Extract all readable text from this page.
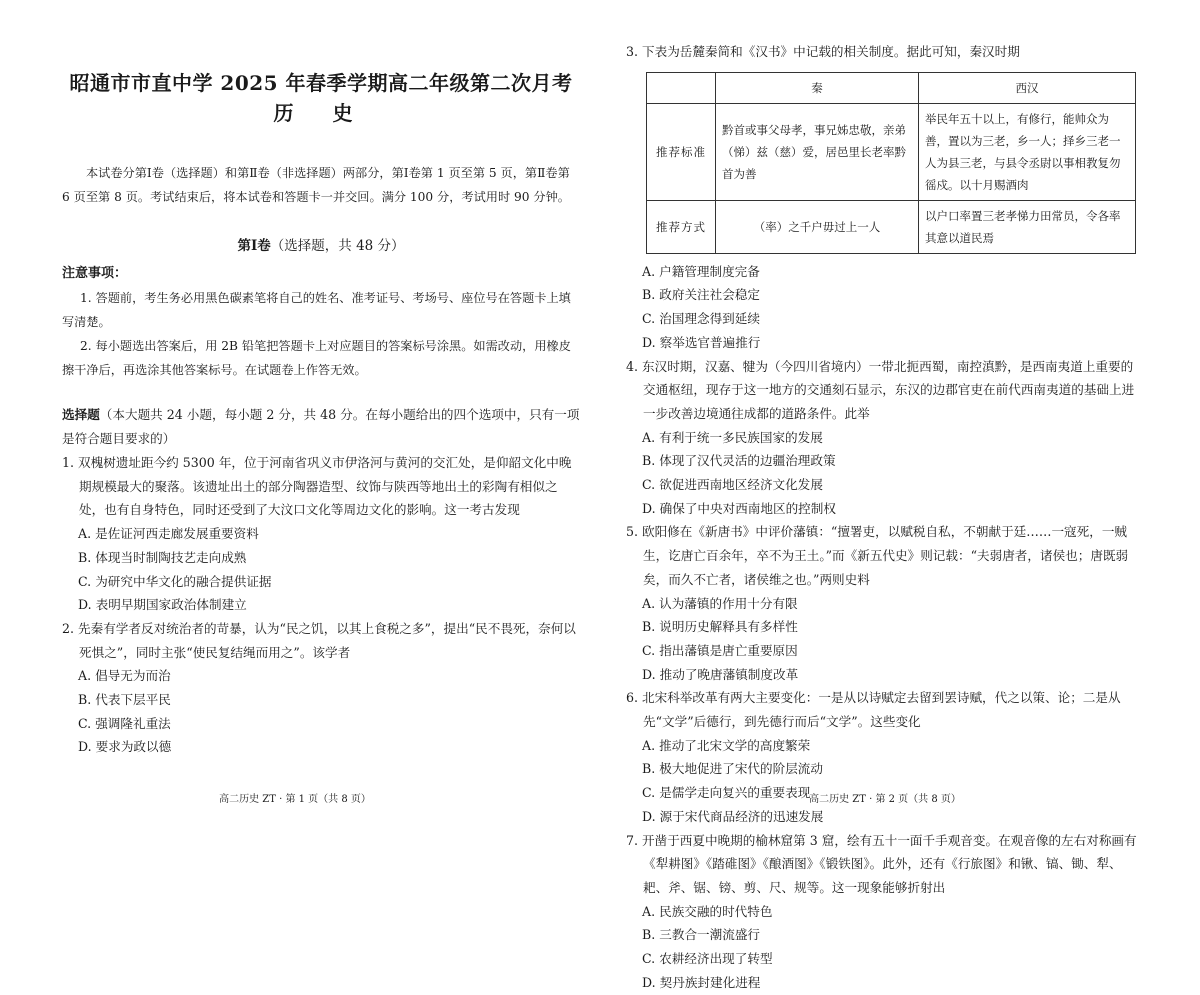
昭通市市直中学 2025 年春季学期高二年级第二次月考
历 史
本试卷分第Ⅰ卷（选择题）和第Ⅱ卷（非选择题）两部分，第Ⅰ卷第 1 页至第 5 页，第Ⅱ卷第 6 页至第 8 页。考试结束后，将本试卷和答题卡一并交回。满分 100 分，考试用时 90 分钟。
第Ⅰ卷（选择题，共 48 分）
注意事项：
1. 答题前，考生务必用黑色碳素笔将自己的姓名、准考证号、考场号、座位号在答题卡上填写清楚。
2. 每小题选出答案后，用 2B 铅笔把答题卡上对应题目的答案标号涂黑。如需改动，用橡皮擦干净后，再选涂其他答案标号。在试题卷上作答无效。
选择题（本大题共 24 小题，每小题 2 分，共 48 分。在每小题给出的四个选项中，只有一项是符合题目要求的）
1. 双槐树遗址距今约 5300 年，位于河南省巩义市伊洛河与黄河的交汇处，是仰韶文化中晚期规模最大的聚落。该遗址出土的部分陶器造型、纹饰与陕西等地出土的彩陶有相似之处，也有自身特色，同时还受到了大汶口文化等周边文化的影响。这一考古发现
A. 是佐证河西走廊发展重要资料
B. 体现当时制陶技艺走向成熟
C. 为研究中华文化的融合提供证据
D. 表明早期国家政治体制建立
2. 先秦有学者反对统治者的苛暴，认为“民之饥，以其上食税之多”，提出“民不畏死，奈何以死惧之”，同时主张“使民复结绳而用之”。该学者
A. 倡导无为而治
B. 代表下层平民
C. 强调隆礼重法
D. 要求为政以德
高二历史 ZT · 第 1 页（共 8 页）
3. 下表为岳麓秦简和《汉书》中记载的相关制度。据此可知，秦汉时期
	秦	西汉
推荐标准	黔首或事父母孝，事兄姊忠敬，亲弟（悌）兹（慈）爱，居邑里长老率黔首为善	举民年五十以上，有修行，能帅众为善，置以为三老，乡一人；择乡三老一人为县三老，与县令丞尉以事相教复勿徭戍。以十月赐酒肉
推荐方式	（率）之千户毋过上一人	以户口率置三老孝悌力田常员，令各率其意以道民焉
A. 户籍管理制度完备
B. 政府关注社会稳定
C. 治国理念得到延续
D. 察举选官普遍推行
4. 东汉时期，汉嘉、犍为（今四川省境内）一带北扼西蜀，南控滇黔，是西南夷道上重要的交通枢纽，现存于这一地方的交通刻石显示，东汉的边郡官吏在前代西南夷道的基础上进一步改善边境通往成都的道路条件。此举
A. 有利于统一多民族国家的发展
B. 体现了汉代灵活的边疆治理政策
C. 欲促进西南地区经济文化发展
D. 确保了中央对西南地区的控制权
5. 欧阳修在《新唐书》中评价藩镇：“擅署吏，以赋税自私，不朝献于廷……一寇死，一贼生，讫唐亡百余年，卒不为王土。”而《新五代史》则记载：“夫弱唐者，诸侯也；唐既弱矣，而久不亡者，诸侯维之也。”两则史料
A. 认为藩镇的作用十分有限
B. 说明历史解释具有多样性
C. 指出藩镇是唐亡重要原因
D. 推动了晚唐藩镇制度改革
6. 北宋科举改革有两大主要变化：一是从以诗赋定去留到罢诗赋，代之以策、论；二是从先“文学”后德行，到先德行而后“文学”。这些变化
A. 推动了北宋文学的高度繁荣
B. 极大地促进了宋代的阶层流动
C. 是儒学走向复兴的重要表现
D. 源于宋代商品经济的迅速发展
7. 开凿于西夏中晚期的榆林窟第 3 窟，绘有五十一面千手观音变。在观音像的左右对称画有《犁耕图》《踏碓图》《酿酒图》《锻铁图》。此外，还有《行旅图》和锹、镐、锄、犁、耙、斧、锯、镑、剪、尺、规等。这一现象能够折射出
A. 民族交融的时代特色
B. 三教合一潮流盛行
C. 农耕经济出现了转型
D. 契丹族封建化进程
高二历史 ZT · 第 2 页（共 8 页）
